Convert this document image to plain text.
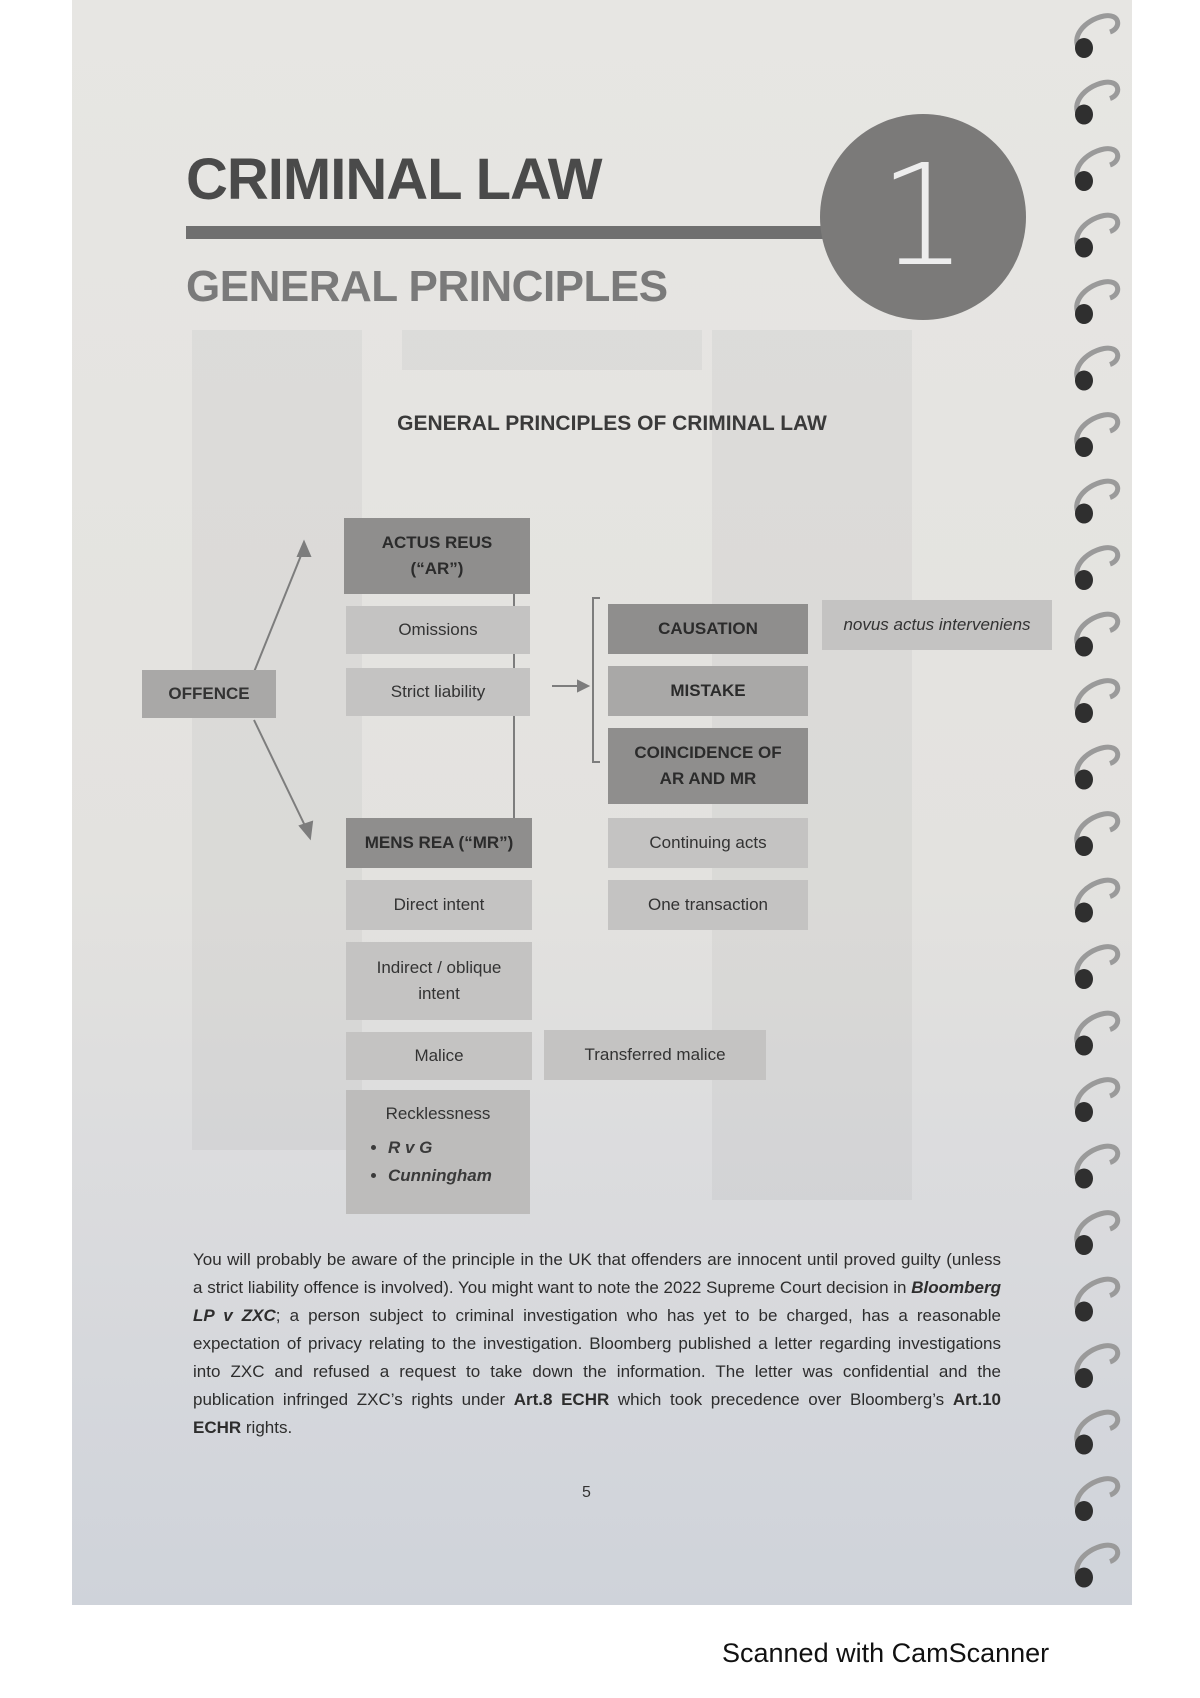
CRIMINAL LAW
GENERAL PRINCIPLES	1
GENERAL PRINCIPLES OF CRIMINAL LAW
OFFENCE
ACTUS REUS
(“AR”)
Omissions
Strict liability
MENS REA (“MR”)
Direct intent
Indirect / oblique intent
Malice	Transferred malice
Recklessness
• R v G
• Cunningham
CAUSATION	novus actus interveniens
MISTAKE
COINCIDENCE OF AR AND MR
Continuing acts
One transaction
You will probably be aware of the principle in the UK that offenders are innocent until proved guilty (unless a strict liability offence is involved). You might want to note the 2022 Supreme Court decision in Bloomberg LP v ZXC; a person subject to criminal investigation who has yet to be charged, has a reasonable expectation of privacy relating to the investigation. Bloomberg published a letter regarding investigations into ZXC and refused a request to take down the information. The letter was confidential and the publication infringed ZXC’s rights under Art.8 ECHR which took precedence over Bloomberg’s Art.10 ECHR rights.
5
Scanned with CamScanner
